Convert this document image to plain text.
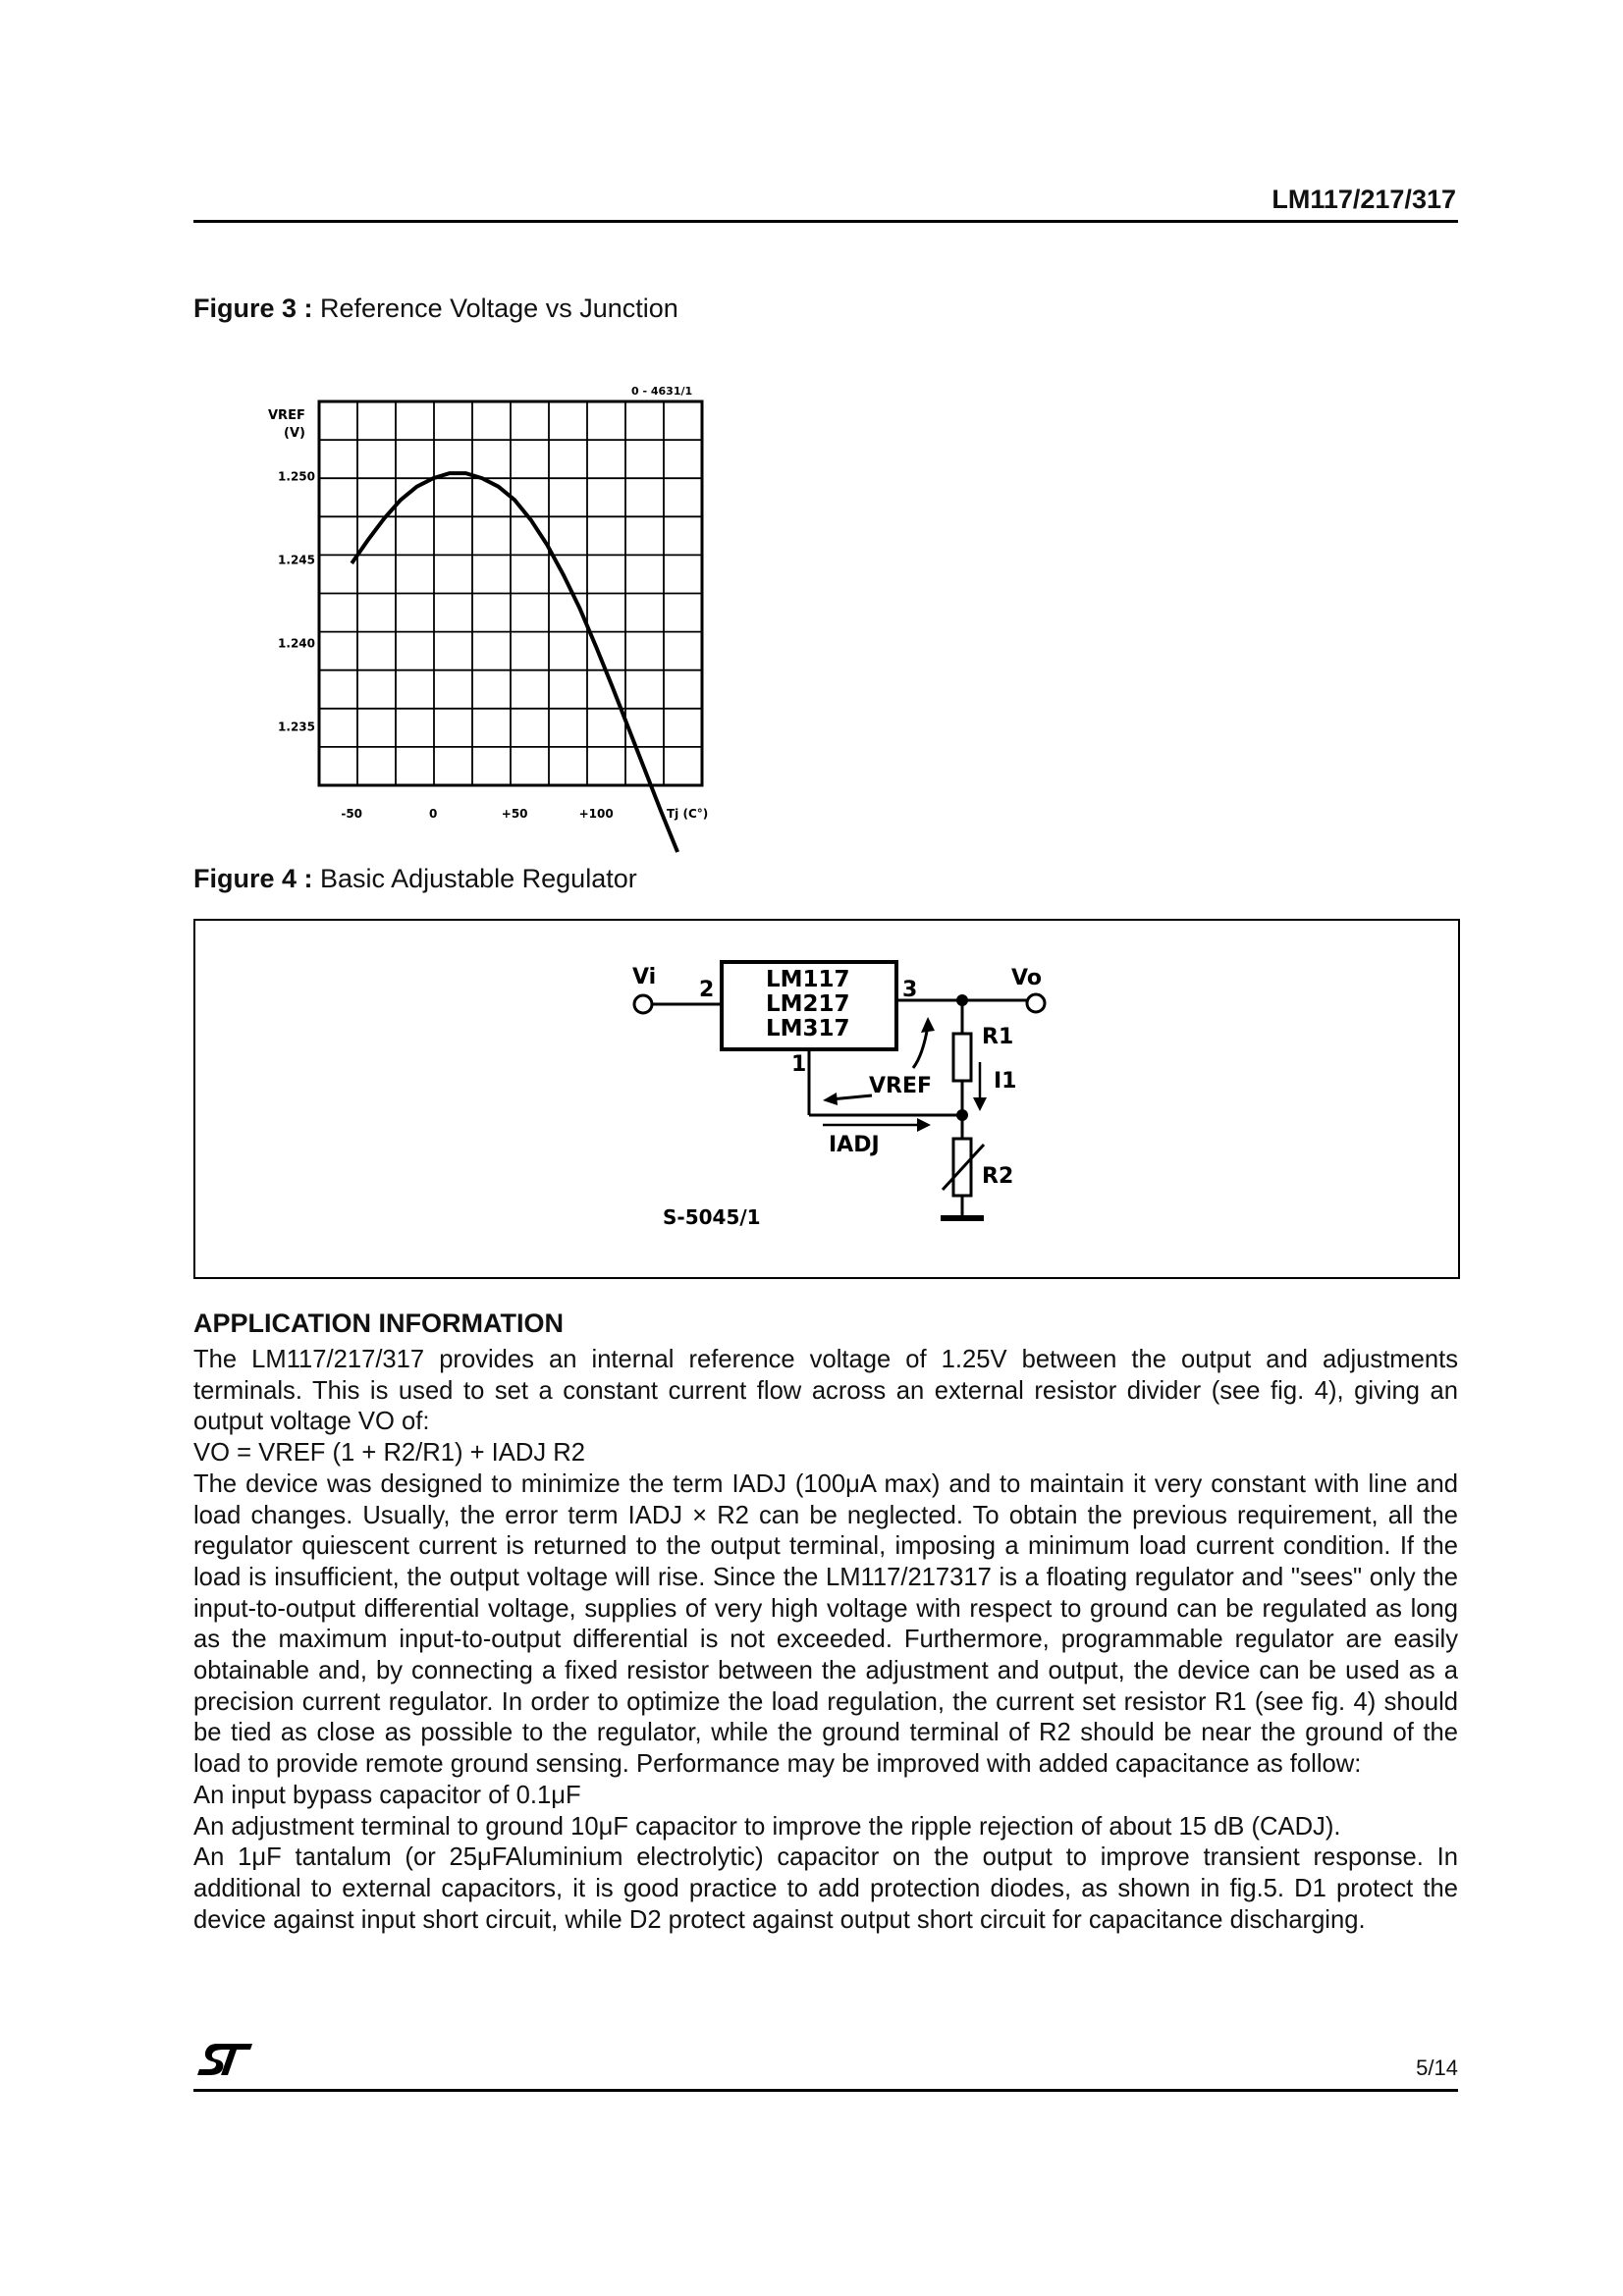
LM117/217/317
Figure 3 : Reference Voltage vs Junction
0 - 4631/1
VREF
(V)
Tj (C°)
1.250
1.245
1.240
1.235
-50	0	+50	+100
Figure 4 : Basic Adjustable Regulator
Vi
2	3
1
Vo
LM117
LM217
LM317	R1
I1
VREF
IADJ
R2
S-5045/1
APPLICATION INFORMATION

The LM117/217/317 provides an internal reference voltage of 1.25V between the output and adjustments terminals. This is used to set a constant current flow across an external resistor divider (see fig. 4), giving an output voltage VO of:

VO = VREF (1 + R2/R1) + IADJ R2

The device was designed to minimize the term IADJ (100μA max) and to maintain it very constant with line and load changes. Usually, the error term IADJ × R2 can be neglected. To obtain the previous requirement, all the regulator quiescent current is returned to the output terminal, imposing a minimum load current condition. If the load is insufficient, the output voltage will rise. Since the LM117/217317 is a floating regulator and "sees" only the input-to-output differential voltage, supplies of very high voltage with respect to ground can be regulated as long as the maximum input-to-output differential is not exceeded. Furthermore, programmable regulator are easily obtainable and, by connecting a fixed resistor between the adjustment and output, the device can be used as a precision current regulator. In order to optimize the load regulation, the current set resistor R1 (see fig. 4) should be tied as close as possible to the regulator, while the ground terminal of R2 should be near the ground of the load to provide remote ground sensing. Performance may be improved with added capacitance as follow:

An input bypass capacitor of 0.1μF

An adjustment terminal to ground 10μF capacitor to improve the ripple rejection of about 15 dB (CADJ).

An 1μF tantalum (or 25μFAluminium electrolytic) capacitor on the output to improve transient response. In additional to external capacitors, it is good practice to add protection diodes, as shown in fig.5. D1 protect the device against input short circuit, while D2 protect against output short circuit for capacitance discharging.

5/14
